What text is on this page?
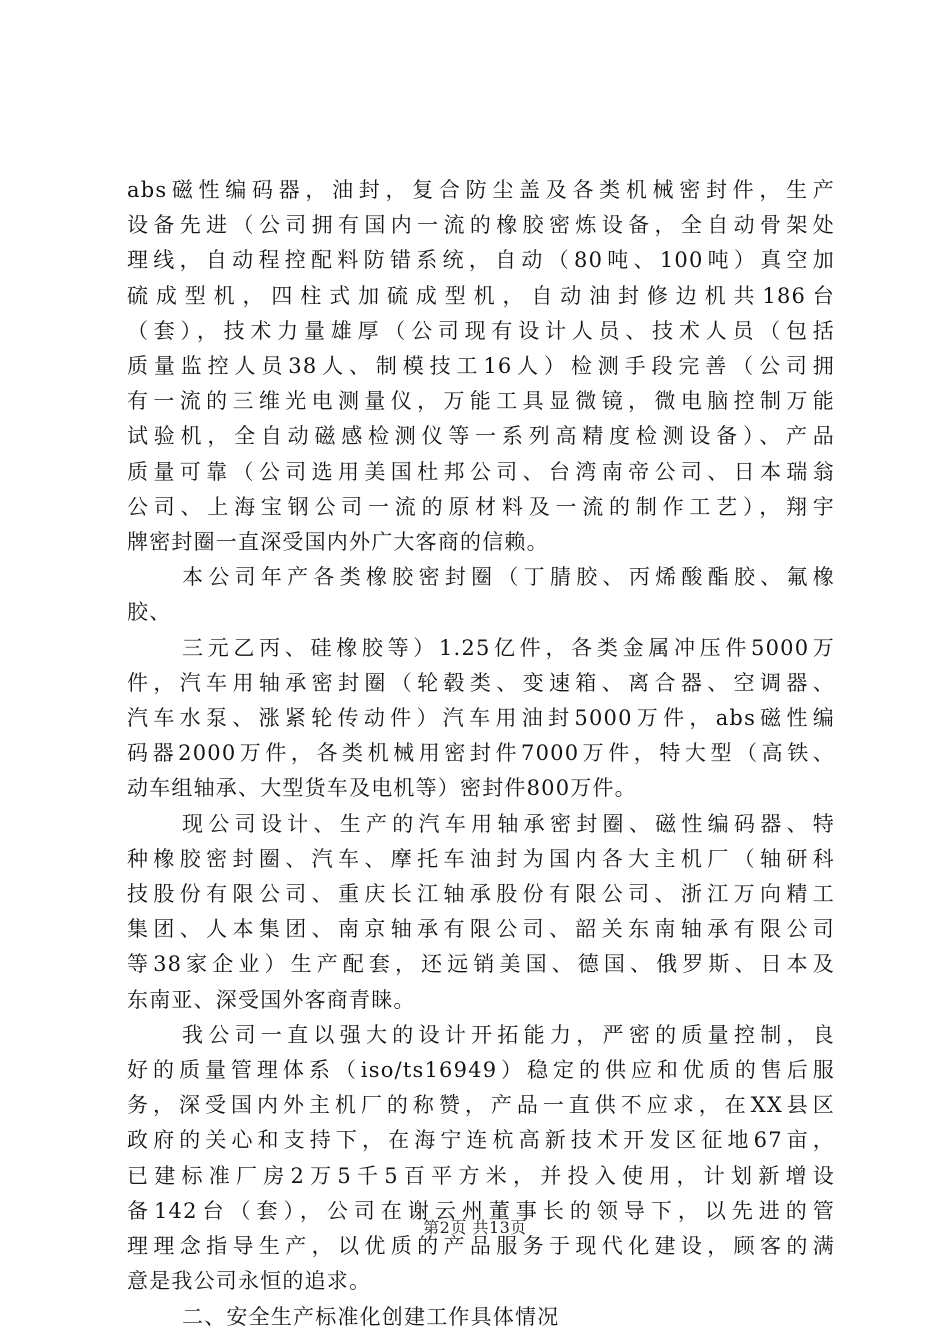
abs磁性编码器，油封，复合防尘盖及各类机械密封件，生产
设备先进（公司拥有国内一流的橡胶密炼设备，全自动骨架处
理线，自动程控配料防错系统，自动（80吨、100吨）真空加
硫成型机，四柱式加硫成型机，自动油封修边机共186台
（套），技术力量雄厚（公司现有设计人员、技术人员（包括
质量监控人员38人、制模技工16人）检测手段完善（公司拥
有一流的三维光电测量仪，万能工具显微镜，微电脑控制万能
试验机，全自动磁感检测仪等一系列高精度检测设备）、产品
质量可靠（公司选用美国杜邦公司、台湾南帝公司、日本瑞翁
公司、上海宝钢公司一流的原材料及一流的制作工艺），翔宇
牌密封圈一直深受国内外广大客商的信赖。
本公司年产各类橡胶密封圈（丁腈胶、丙烯酸酯胶、氟橡
胶、
三元乙丙、硅橡胶等）1.25亿件，各类金属冲压件5000万
件，汽车用轴承密封圈（轮毂类、变速箱、离合器、空调器、
汽车水泵、涨紧轮传动件）汽车用油封5000万件，abs磁性编
码器2000万件，各类机械用密封件7000万件，特大型（高铁、
动车组轴承、大型货车及电机等）密封件800万件。
现公司设计、生产的汽车用轴承密封圈、磁性编码器、特
种橡胶密封圈、汽车、摩托车油封为国内各大主机厂（轴研科
技股份有限公司、重庆长江轴承股份有限公司、浙江万向精工
集团、人本集团、南京轴承有限公司、韶关东南轴承有限公司
等38家企业）生产配套，还远销美国、德国、俄罗斯、日本及
东南亚、深受国外客商青睐。
我公司一直以强大的设计开拓能力，严密的质量控制，良
好的质量管理体系（iso/ts16949）稳定的供应和优质的售后服
务，深受国内外主机厂的称赞，产品一直供不应求，在XX县区
政府的关心和支持下，在海宁连杭高新技术开发区征地67亩，
已建标准厂房2万5千5百平方米，并投入使用，计划新增设
备142台（套），公司在谢云州董事长的领导下，以先进的管
理理念指导生产，以优质的产品服务于现代化建设，顾客的满
意是我公司永恒的追求。
二、安全生产标准化创建工作具体情况
第2页 共13页
